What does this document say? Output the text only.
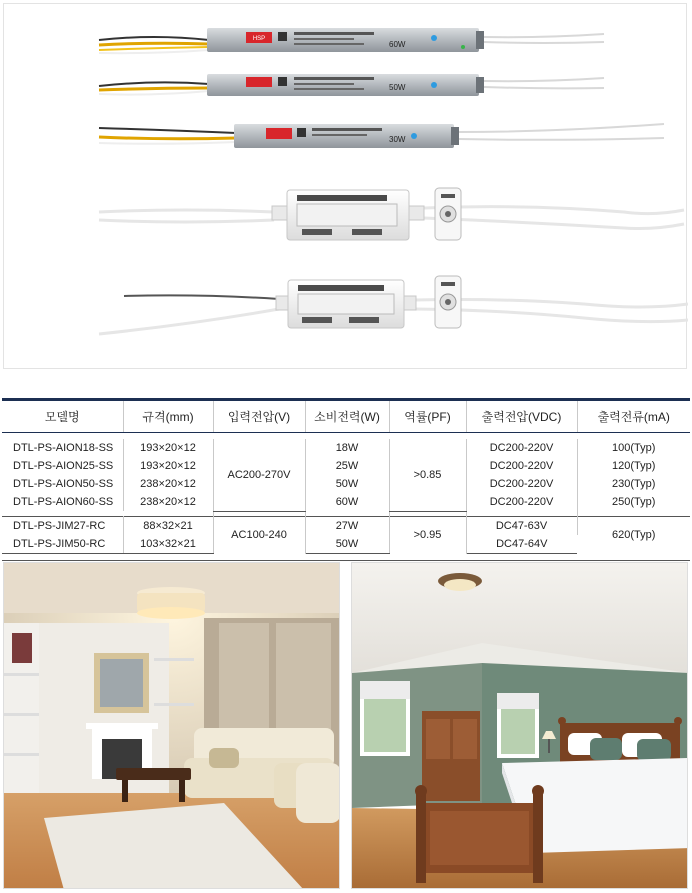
HSP
60W
50W
30W
모델명	규격(mm)	입력전압(V)	소비전력(W)	역률(PF)	출력전압(VDC)	출력전류(mA)

DTL-PS-AION18-SS	193×20×12	AC200-270V	18W	>0.85	DC200-220V	100(Typ)
DTL-PS-AION25-SS	193×20×12		25W		DC200-220V	120(Typ)
DTL-PS-AION50-SS	238×20×12		50W		DC200-220V	230(Typ)
DTL-PS-AION60-SS	238×20×12		60W		DC200-220V	250(Typ)

DTL-PS-JIM27-RC	88×32×21	AC100-240	27W	>0.95	DC47-63V	620(Typ)
DTL-PS-JIM50-RC	103×32×21		50W		DC47-64V	
